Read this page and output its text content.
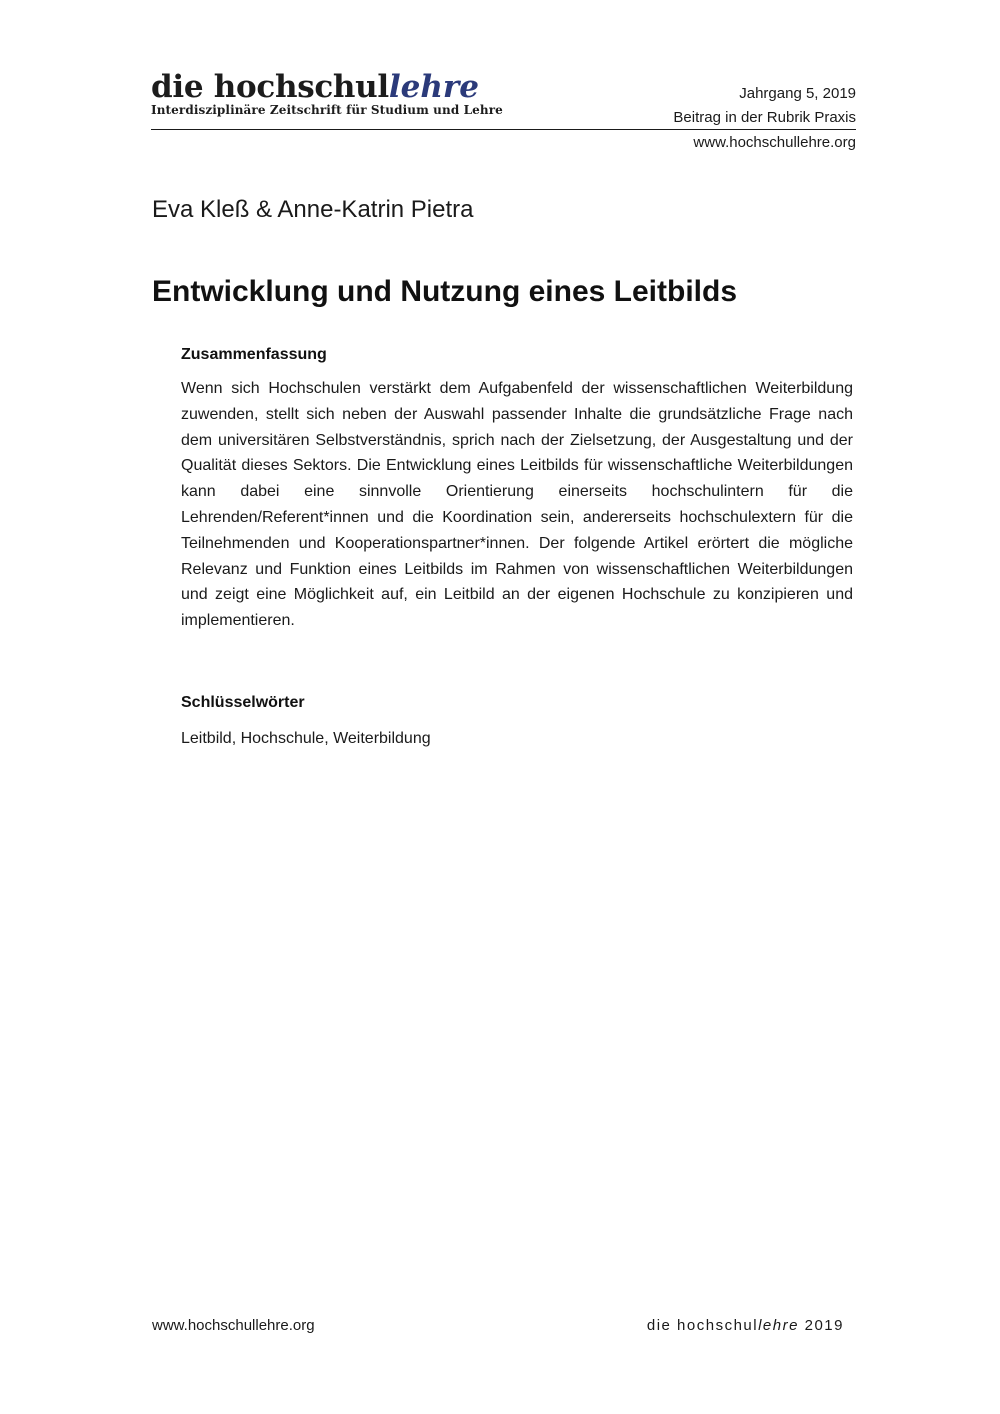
die hochschullehre
Interdisziplinäre Zeitschrift für Studium und Lehre
Jahrgang 5, 2019
Beitrag in der Rubrik Praxis
www.hochschullehre.org
Eva Kleß & Anne-Katrin Pietra
Entwicklung und Nutzung eines Leitbilds
Zusammenfassung

Wenn sich Hochschulen verstärkt dem Aufgabenfeld der wissenschaftlichen Weiterbildung zuwenden, stellt sich neben der Auswahl passender Inhalte die grundsätzliche Frage nach dem universitären Selbstverständnis, sprich nach der Zielsetzung, der Ausgestaltung und der Qualität dieses Sektors. Die Entwicklung eines Leitbilds für wissenschaftliche Weiterbildungen kann dabei eine sinnvolle Orientierung einerseits hochschulintern für die Lehrenden/Referent*innen und die Koordination sein, andererseits hochschulextern für die Teilnehmenden und Kooperationspartner*innen. Der folgende Artikel erörtert die mögliche Relevanz und Funktion eines Leitbilds im Rahmen von wissenschaftlichen Weiterbildungen und zeigt eine Möglichkeit auf, ein Leitbild an der eigenen Hochschule zu konzipieren und implementieren.

Schlüsselwörter

Leitbild, Hochschule, Weiterbildung

www.hochschullehre.org	die hochschullehre 2019
